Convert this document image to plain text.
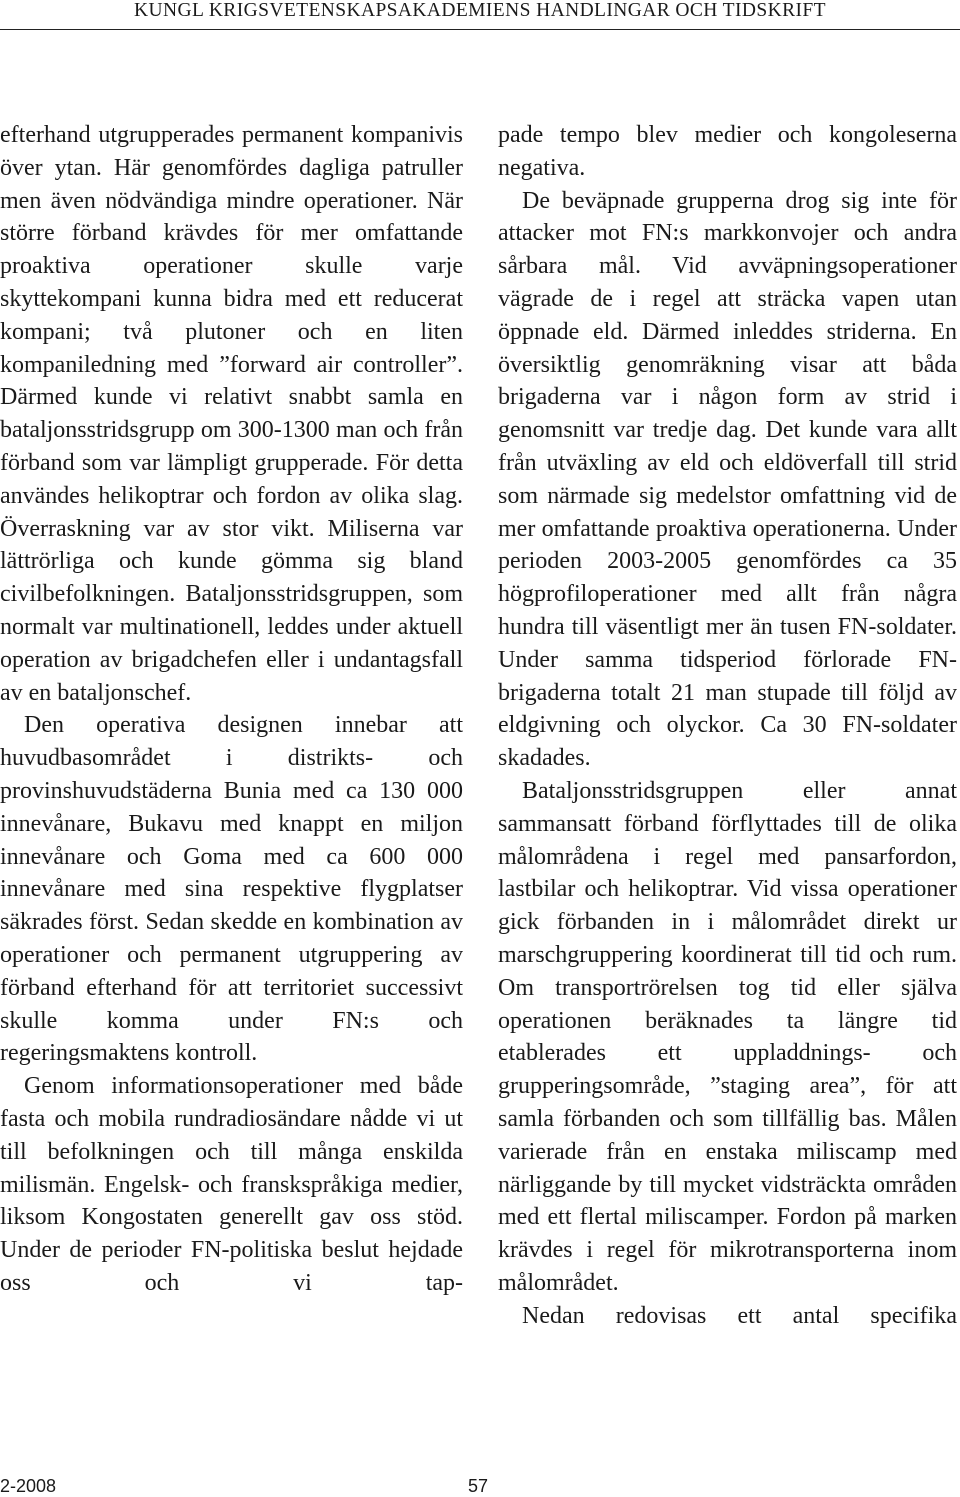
KUNGL KRIGSVETENSKAPSAKADEMIENS HANDLINGAR OCH TIDSKRIFT

efterhand utgrupperades permanent kompanivis över ytan. Här genomfördes dagliga patruller men även nödvändiga mindre operationer. När större förband krävdes för mer omfattande proaktiva operationer skulle varje skyttekompani kunna bidra med ett reducerat kompani; två plutoner och en liten kompaniledning med ”forward air controller”. Därmed kunde vi relativt snabbt samla en bataljonsstridsgrupp om 300-1300 man och från förband som var lämpligt grupperade. För detta användes helikoptrar och fordon av olika slag. Överraskning var av stor vikt. Miliserna var lättrörliga och kunde gömma sig bland civilbefolkningen. Bataljonsstridsgruppen, som normalt var multinationell, leddes under aktuell operation av brigadchefen eller i undantagsfall av en bataljonschef.

Den operativa designen innebar att huvudbasområdet i distrikts- och provinshuvudstäderna Bunia med ca 130 000 innevånare, Bukavu med knappt en miljon innevånare och Goma med ca 600 000 innevånare med sina respektive flygplatser säkrades först. Sedan skedde en kombination av operationer och permanent utgruppering av förband efterhand för att territoriet successivt skulle komma under FN:s och regeringsmaktens kontroll.

Genom informationsoperationer med både fasta och mobila rundradiosändare nådde vi ut till befolkningen och till många enskilda milismän. Engelsk- och franskspråkiga medier, liksom Kongostaten generellt gav oss stöd. Under de perioder FN-politiska beslut hejdade oss och vi tap-

pade tempo blev medier och kongoleserna negativa.

De beväpnade grupperna drog sig inte för attacker mot FN:s markkonvojer och andra sårbara mål. Vid avväpningsoperationer vägrade de i regel att sträcka vapen utan öppnade eld. Därmed inleddes striderna. En översiktlig genomräkning visar att båda brigaderna var i någon form av strid i genomsnitt var tredje dag. Det kunde vara allt från utväxling av eld och eldöverfall till strid som närmade sig medelstor omfattning vid de mer omfattande proaktiva operationerna. Under perioden 2003-2005 genomfördes ca 35 högprofiloperationer med allt från några hundra till väsentligt mer än tusen FN-soldater. Under samma tidsperiod förlorade FN-brigaderna totalt 21 man stupade till följd av eldgivning och olyckor. Ca 30 FN-soldater skadades.

Bataljonsstridsgruppen eller annat sammansatt förband förflyttades till de olika målområdena i regel med pansarfordon, lastbilar och helikoptrar. Vid vissa operationer gick förbanden in i målområdet direkt ur marschgruppering koordinerat till tid och rum. Om transportrörelsen tog tid eller själva operationen beräknades ta längre tid etablerades ett uppladdnings- och grupperingsområde, ”staging area”, för att samla förbanden och som tillfällig bas. Målen varierade från en enstaka miliscamp med närliggande by till mycket vidsträckta områden med ett flertal miliscamper. Fordon på marken krävdes i regel för mikrotransporterna inom målområdet.

Nedan redovisas ett antal specifika

2-2008	57
